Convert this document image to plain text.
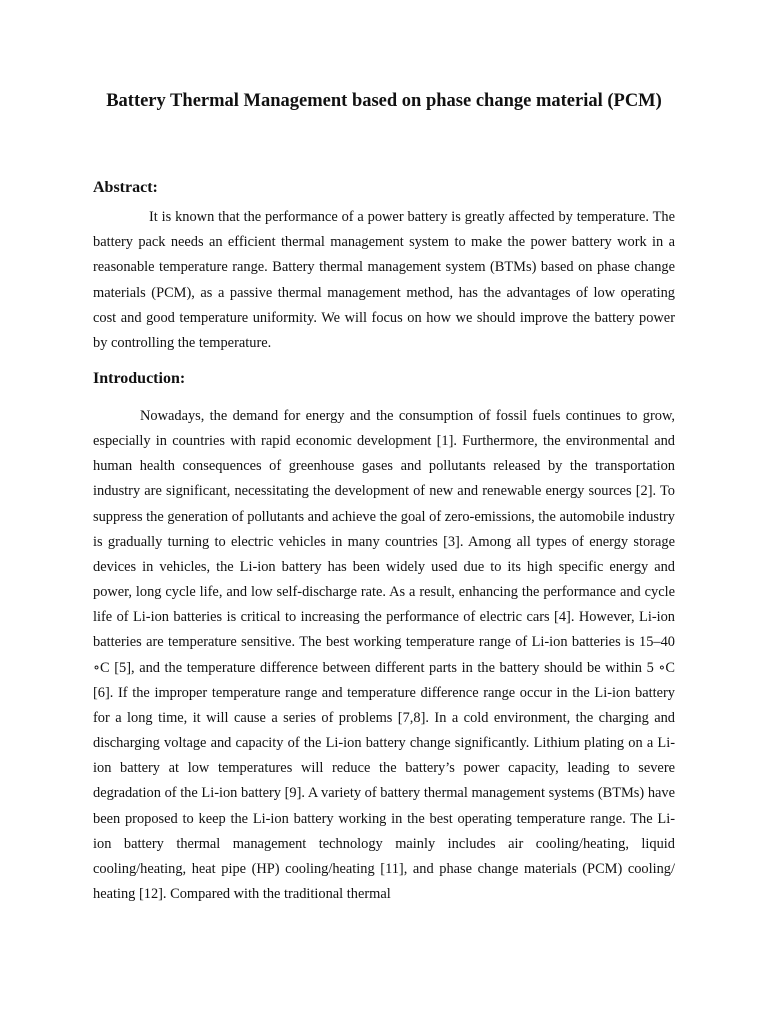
Battery Thermal Management based on phase change material (PCM)
Abstract:

It is known that the performance of a power battery is greatly affected by temperature. The battery pack needs an efficient thermal management system to make the power battery work in a reasonable temperature range. Battery thermal management system (BTMs) based on phase change materials (PCM), as a passive thermal management method, has the advantages of low operating cost and good temperature uniformity. We will focus on how we should improve the battery power by controlling the temperature.

Introduction:

Nowadays, the demand for energy and the consumption of fossil fuels continues to grow, especially in countries with rapid economic development [1]. Furthermore, the environmental and human health consequences of greenhouse gases and pollutants released by the transportation industry are significant, necessitating the development of new and renewable energy sources [2]. To suppress the generation of pollutants and achieve the goal of zero-emissions, the automobile industry is gradually turning to electric vehicles in many countries [3]. Among all types of energy storage devices in vehicles, the Li-ion battery has been widely used due to its high specific energy and power, long cycle life, and low self-discharge rate. As a result, enhancing the performance and cycle life of Li-ion batteries is critical to increasing the performance of electric cars [4]. However, Li-ion batteries are temperature sensitive. The best working temperature range of Li-ion batteries is 15–40 ∘C [5], and the temperature difference between different parts in the battery should be within 5 ∘C [6]. If the improper temperature range and temperature difference range occur in the Li-ion battery for a long time, it will cause a series of problems [7,8]. In a cold environment, the charging and discharging voltage and capacity of the Li-ion battery change significantly. Lithium plating on a Li-ion battery at low temperatures will reduce the battery’s power capacity, leading to severe degradation of the Li-ion battery [9]. A variety of battery thermal management systems (BTMs) have been proposed to keep the Li-ion battery working in the best operating temperature range. The Li-ion battery thermal management technology mainly includes air cooling/heating, liquid cooling/heating, heat pipe (HP) cooling/heating [11], and phase change materials (PCM) cooling/ heating [12]. Compared with the traditional thermal
